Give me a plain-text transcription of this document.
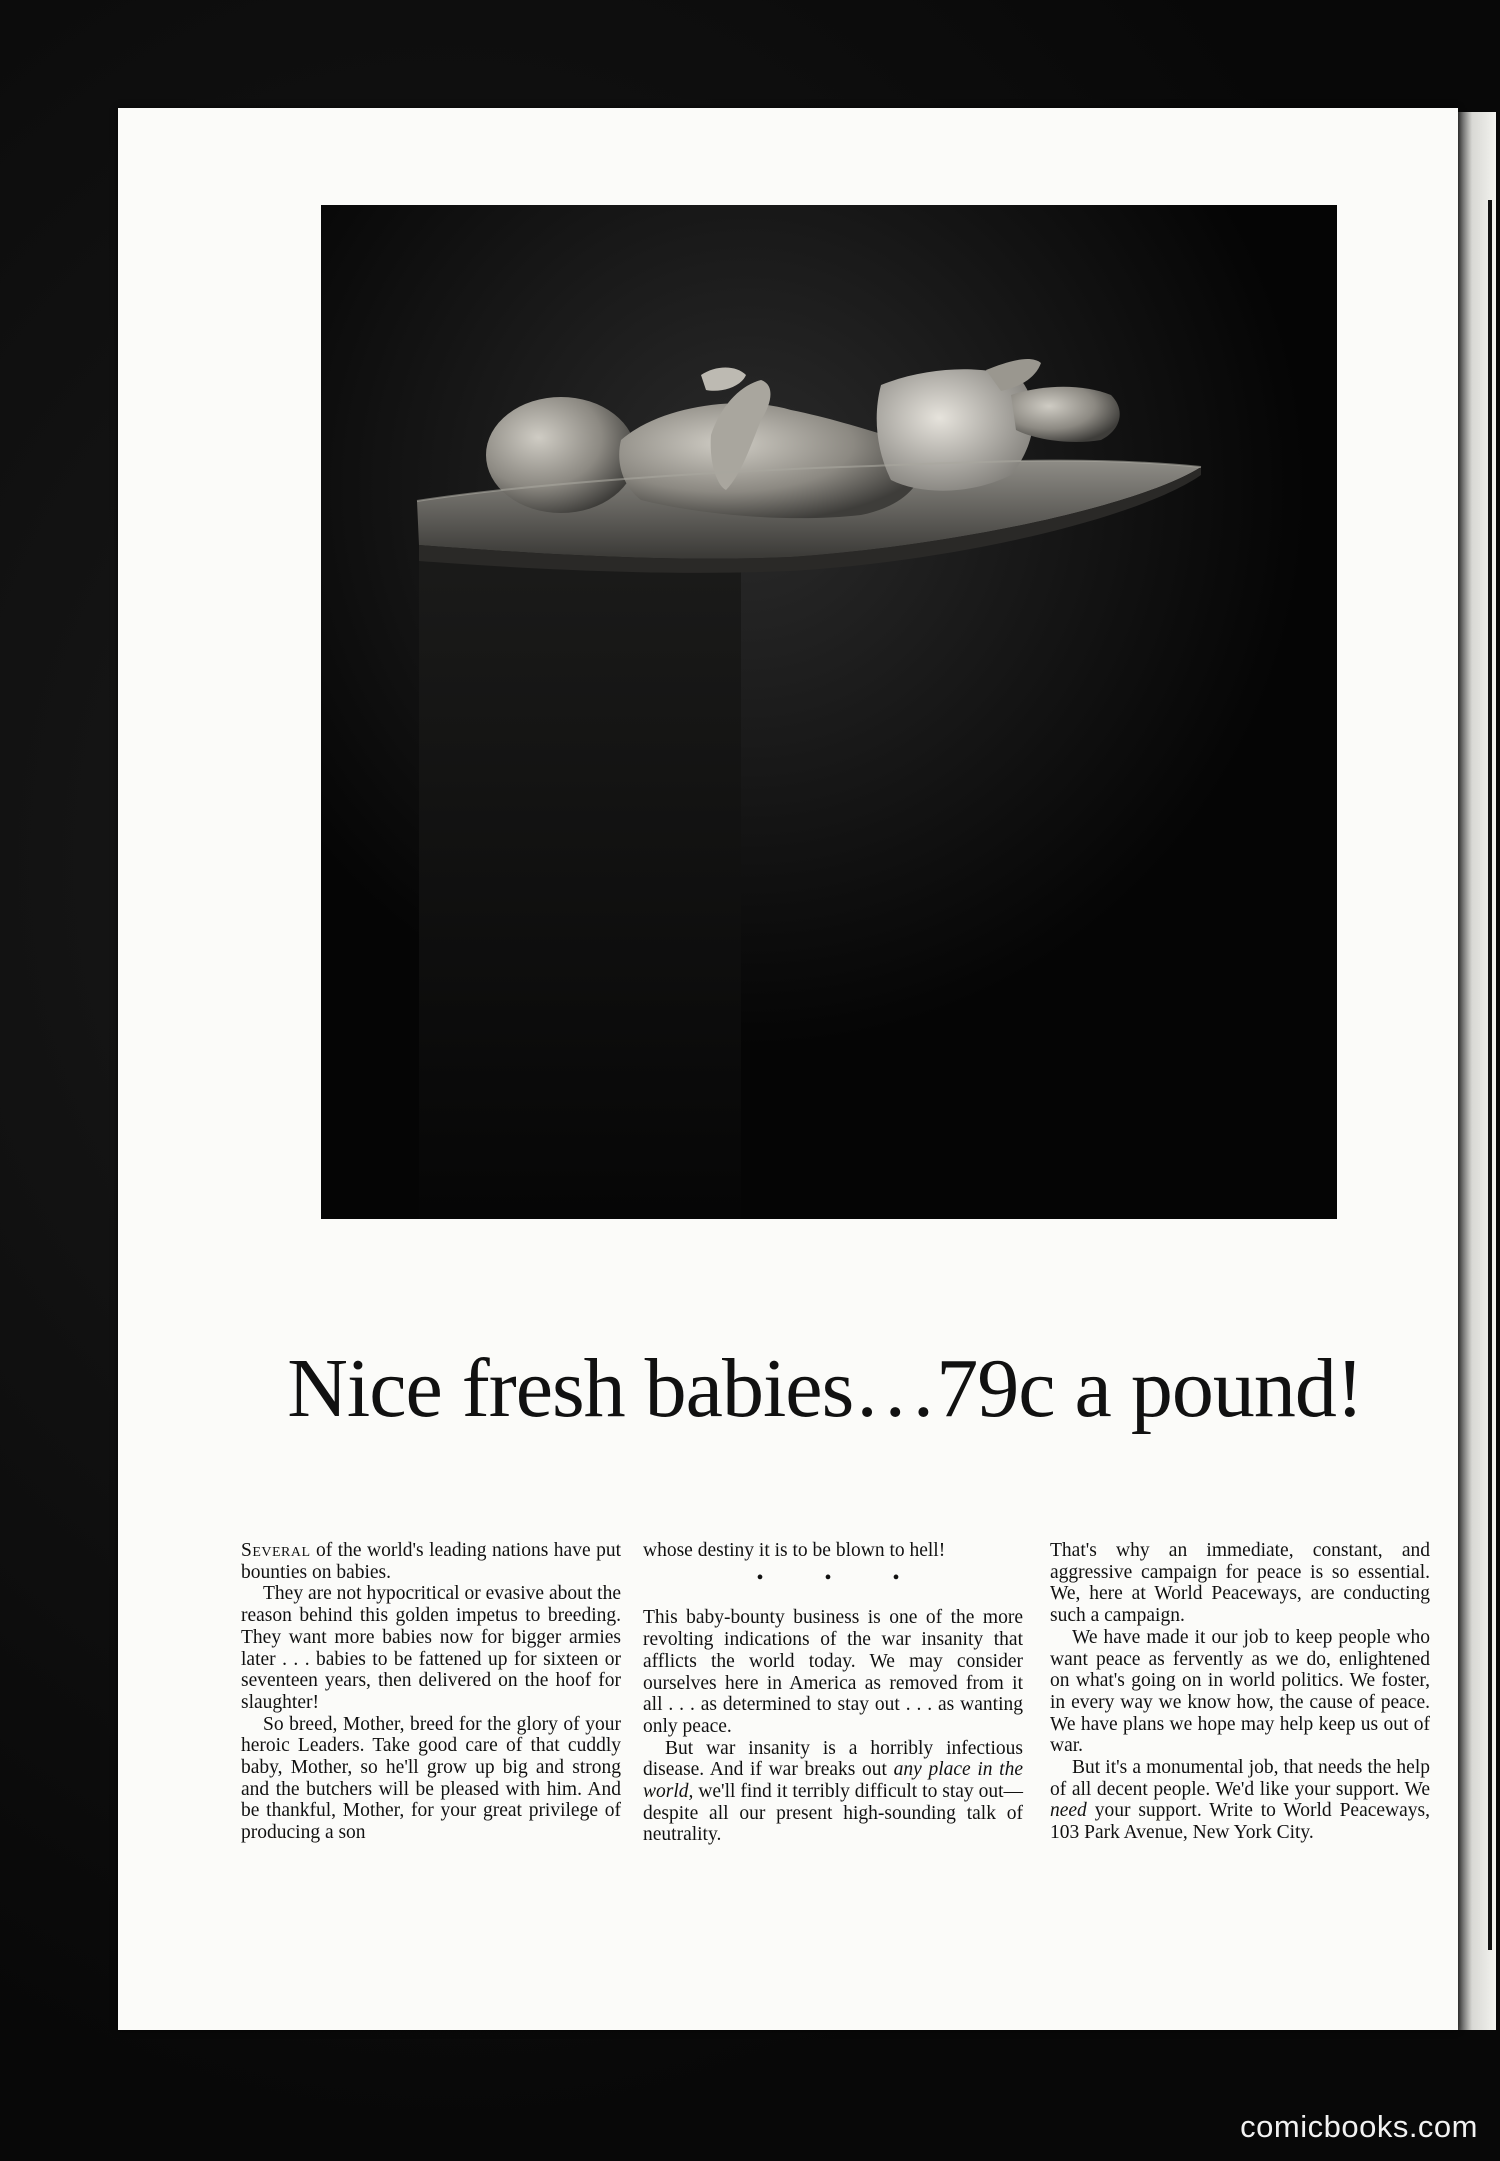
Nice fresh babies…79c a pound!

Several of the world's leading nations have put bounties on babies.

They are not hypocritical or evasive about the reason behind this golden impetus to breeding. They want more babies now for bigger armies later . . . babies to be fattened up for sixteen or seventeen years, then delivered on the hoof for slaughter!

So breed, Mother, breed for the glory of your heroic Leaders. Take good care of that cuddly baby, Mother, so he'll grow up big and strong and the butchers will be pleased with him. And be thankful, Mother, for your great privilege of producing a son

whose destiny it is to be blown to hell!

• • •

This baby-bounty business is one of the more revolting indications of the war insanity that afflicts the world today. We may consider ourselves here in America as removed from it all . . . as determined to stay out . . . as wanting only peace.

But war insanity is a horribly infectious disease. And if war breaks out any place in the world, we'll find it terribly difficult to stay out—despite all our present high-sounding talk of neutrality.

That's why an immediate, constant, and aggressive campaign for peace is so essential. We, here at World Peaceways, are conducting such a campaign.

We have made it our job to keep people who want peace as fervently as we do, enlightened on what's going on in world politics. We foster, in every way we know how, the cause of peace. We have plans we hope may help keep us out of war.

But it's a monumental job, that needs the help of all decent people. We'd like your support. We need your support. Write to World Peaceways, 103 Park Avenue, New York City.

comicbooks.com
